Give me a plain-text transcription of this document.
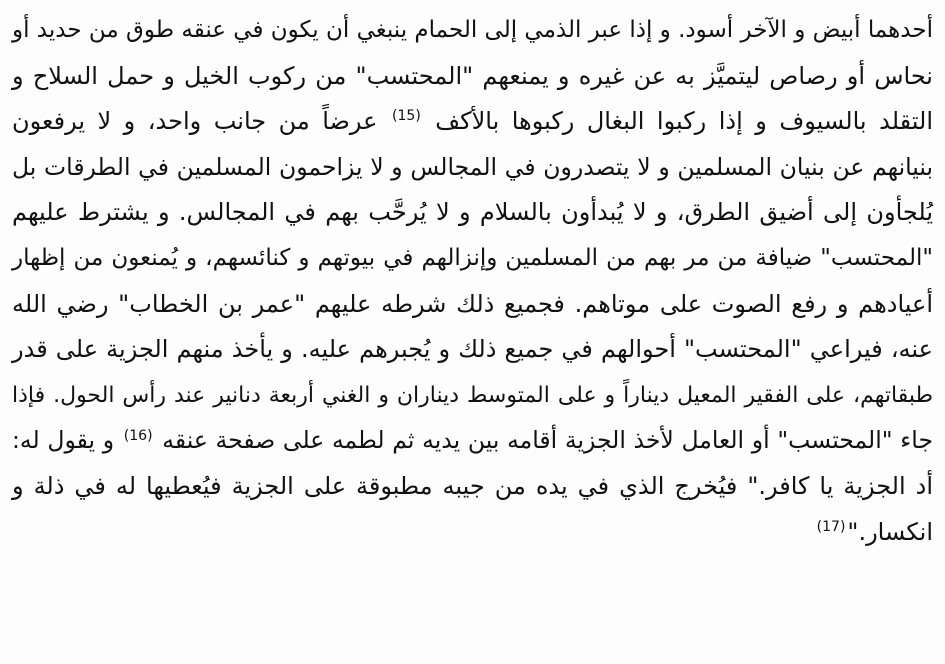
أحدهما أبيض و الآخر أسود. و إذا عبر الذمي إلى الحمام ينبغي أن يكون في عنقه طوق من حديد أو
نحاس أو رصاص ليتميَّز به عن غيره و يمنعهم "المحتسب" من ركوب الخيل و حمل السلاح و
التقلد بالسيوف و إذا ركبوا البغال ركبوها بالأكف $^{(15)}$ عرضاً من جانب واحد، و لا يرفعون
بنيانهم عن بنيان المسلمين و لا يتصدرون في المجالس و لا يزاحمون المسلمين في الطرقات بل
يُلجأون إلى أضيق الطرق، و لا يُبدأون بالسلام و لا يُرحَّب بهم في المجالس. و يشترط عليهم
"المحتسب" ضيافة من مر بهم من المسلمين وإنزالهم في بيوتهم و كنائسهم، و يُمنعون من إظهار
أعيادهم و رفع الصوت على موتاهم. فجميع ذلك شرطه عليهم "عمر بن الخطاب" رضي الله
عنه، فيراعي "المحتسب" أحوالهم في جميع ذلك و يُجبرهم عليه. و يأخذ منهم الجزية على قدر
طبقاتهم، على الفقير المعيل ديناراً و على المتوسط ديناران و الغني أربعة دنانير عند رأس الحول. فإذا
جاء "المحتسب" أو العامل لأخذ الجزية أقامه بين يديه ثم لطمه على صفحة عنقه $^{(16)}$ و يقول له:
أد الجزية يا كافر." فيُخرج الذي في يده من جيبه مطبوقة على الجزية فيُعطيها له في ذلة و
انكسار."$^{(17)}$
